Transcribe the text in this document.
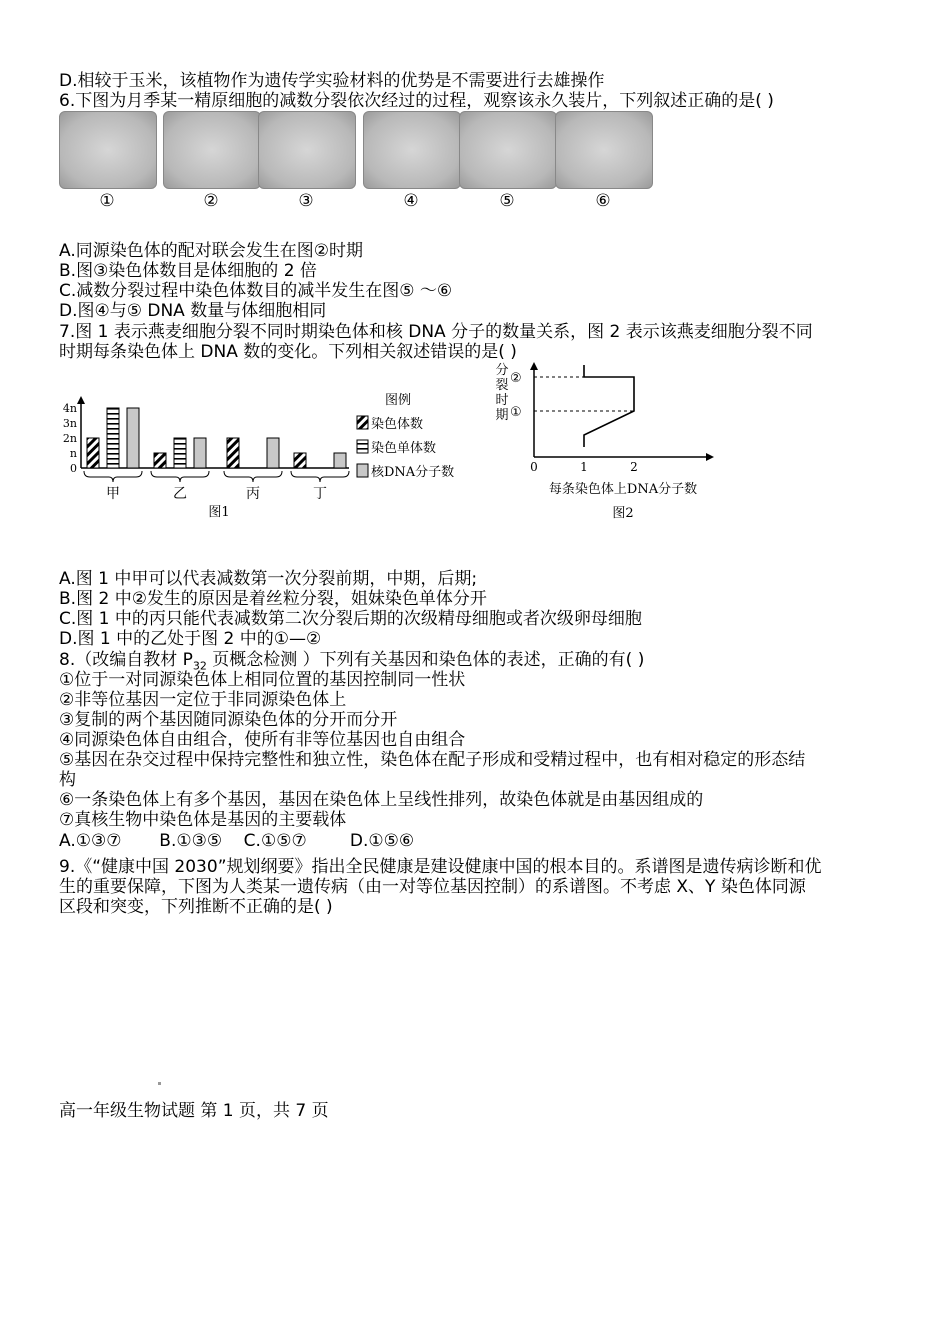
D.相较于玉米，该植物作为遗传学实验材料的优势是不需要进行去雄操作
6.下图为月季某一精原细胞的减数分裂依次经过的过程，观察该永久装片，下列叙述正确的是( )
①	②	③	④	⑤	⑥
A.同源染色体的配对联会发生在图②时期
B.图③染色体数目是体细胞的 2 倍
C.减数分裂过程中染色体数目的减半发生在图⑤ ～⑥
D.图④与⑤ DNA 数量与体细胞相同
7.图 1 表示燕麦细胞分裂不同时期染色体和核 DNA 分子的数量关系，图 2 表示该燕麦细胞分裂不同
时期每条染色体上 DNA 数的变化。下列相关叙述错误的是( )
4n
3n
2n
n
0
甲	乙	丙	丁
图1
图例
染色体数
染色单体数
核DNA分子数
分
裂
时
期
0	1	2
②
①
每条染色体上DNA分子数
图2
A.图 1 中甲可以代表减数第一次分裂前期，中期，后期;
B.图 2 中②发生的原因是着丝粒分裂，姐妹染色单体分开
C.图 1 中的丙只能代表减数第二次分裂后期的次级精母细胞或者次级卵母细胞
D.图 1 中的乙处于图 2 中的①—②
8.（改编自教材 $P_{32}$ 页概念检测 ）下列有关基因和染色体的表述，正确的有( )
①位于一对同源染色体上相同位置的基因控制同一性状
②非等位基因一定位于非同源染色体上
③复制的两个基因随同源染色体的分开而分开
④同源染色体自由组合，使所有非等位基因也自由组合
⑤基因在杂交过程中保持完整性和独立性，染色体在配子形成和受精过程中，也有相对稳定的形态结
构
⑥一条染色体上有多个基因，基因在染色体上呈线性排列，故染色体就是由基因组成的
⑦真核生物中染色体是基因的主要载体
A.①③⑦       B.①③⑤    C.①⑤⑦        D.①⑤⑥
9.《“健康中国 2030”规划纲要》指出全民健康是建设健康中国的根本目的。系谱图是遗传病诊断和优
生的重要保障，下图为人类某一遗传病（由一对等位基因控制）的系谱图。不考虑 X、Y 染色体同源
区段和突变，下列推断不正确的是( )
高一年级生物试题 第 1 页，共 7 页
